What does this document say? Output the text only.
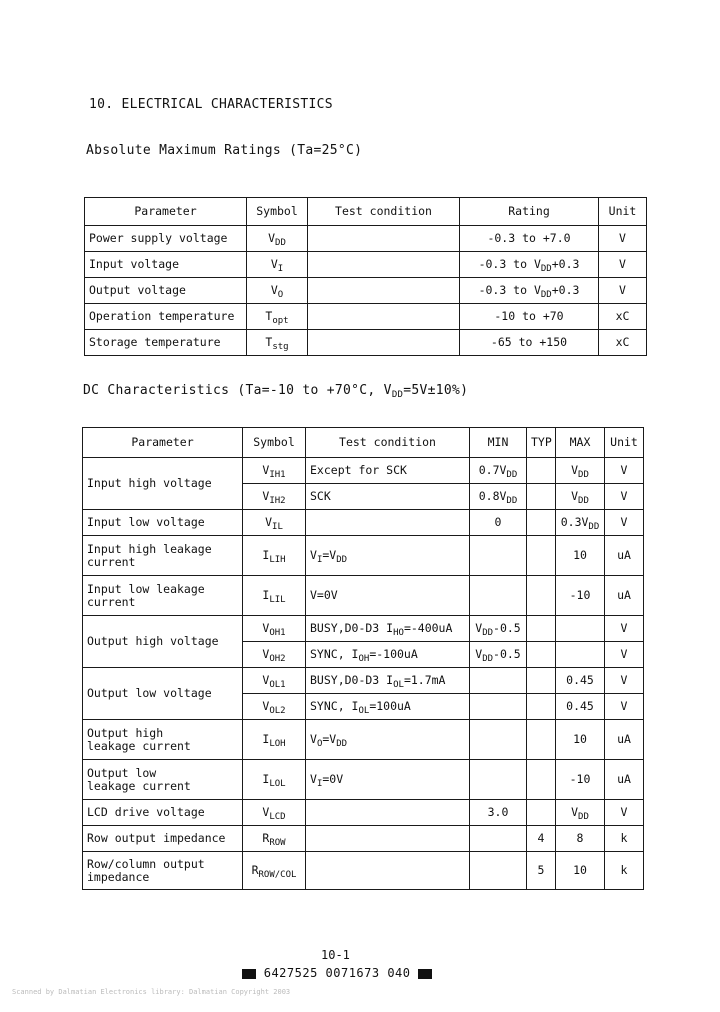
10. ELECTRICAL CHARACTERISTICS
Absolute Maximum Ratings (Ta=25°C)
Parameter	Symbol	Test condition	Rating	Unit
Power supply voltage	$V_{DD}$		-0.3 to +7.0	V
Input voltage	$V_I$		-0.3 to $V_{DD}+0.3$	V
Output voltage	$V_O$		-0.3 to $V_{DD}+0.3$	V
Operation temperature	$T_{opt}$		-10 to +70	xC
Storage temperature	$T_{stg}$		-65 to +150	xC
DC Characteristics (Ta=-10 to +70°C, $V_{DD}=5V\pm 10\%$)
Parameter	Symbol	Test condition	MIN	TYP	MAX	Unit
Input high voltage	$V_{IH1}$	Except for SCK	$0.7V_{DD}$		$V_{DD}$	V
	$V_{IH2}$	SCK	$0.8V_{DD}$		$V_{DD}$	V
Input low voltage	$V_{IL}$		0		$0.3V_{DD}$	V
Input high leakage
current	$I_{LIH}$	$V_I=V_{DD}$			10	uA
Input low leakage
current	$I_{LIL}$	V=0V			-10	uA
Output high voltage	$V_{OH1}$	BUSY,D0-D3 $I_{HO}=-400uA$	$V_{DD}-0.5$			V
	$V_{OH2}$	SYNC, $I_{OH}=-100uA$	$V_{DD}-0.5$			V
Output low voltage	$V_{OL1}$	BUSY,D0-D3 $I_{OL}=1.7mA$			0.45	V
	$V_{OL2}$	SYNC, $I_{OL}=100uA$			0.45	V
Output high
leakage current	$I_{LOH}$	$V_O=V_{DD}$			10	uA
Output low
leakage current	$I_{LOL}$	$V_I=0V$			-10	uA
LCD drive voltage	$V_{LCD}$		3.0		$V_{DD}$	V
Row output impedance	$R_{ROW}$			4	8	k
Row/column output
impedance	$R_{ROW/COL}$			5	10	k
10-1
6427525 0071673 040
Scanned by Dalmatian Electronics library: Dalmatian Copyright 2003
